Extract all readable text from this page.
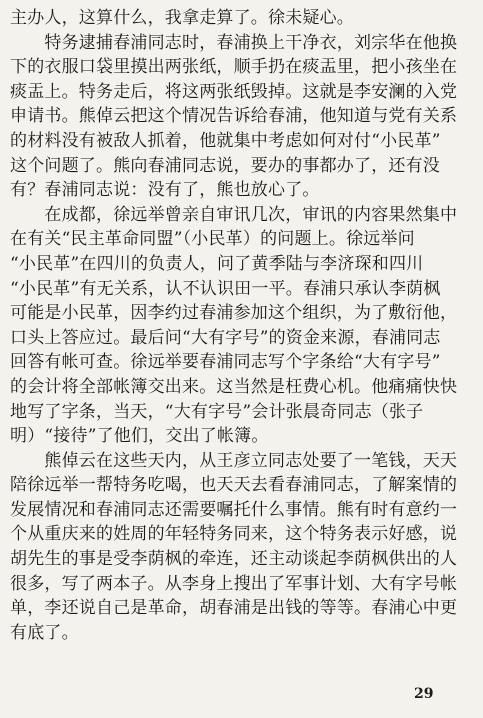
主办人，这算什么，我拿走算了。徐未疑心。
　　特务逮捕春浦同志时，春浦换上干净衣，刘宗华在他换
下的衣服口袋里摸出两张纸，顺手扔在痰盂里，把小孩坐在
痰盂上。特务走后，将这两张纸毁掉。这就是李安澜的入党
申请书。熊倬云把这个情况告诉给春浦，他知道与党有关系
的材料没有被敌人抓着，他就集中考虑如何对付“小民革”
这个问题了。熊向春浦同志说，要办的事都办了，还有没
有？春浦同志说：没有了，熊也放心了。
　　在成都，徐远举曾亲自审讯几次，审讯的内容果然集中
在有关“民主革命同盟”（小民革）的问题上。徐远举问
“小民革”在四川的负责人，问了黄季陆与李济琛和四川
“小民革”有无关系，认不认识田一平。春浦只承认李荫枫
可能是小民革，因李约过春浦参加这个组织，为了敷衍他，
口头上答应过。最后问“大有字号”的资金来源，春浦同志
回答有帐可查。徐远举要春浦同志写个字条给“大有字号”
的会计将全部帐簿交出来。这当然是枉费心机。他痛痛快快
地写了字条，当天，“大有字号”会计张晨奇同志（张子
明）“接待”了他们，交出了帐簿。
　　熊倬云在这些天内，从王彦立同志处要了一笔钱，天天
陪徐远举一帮特务吃喝，也天天去看春浦同志，了解案情的
发展情况和春浦同志还需要嘱托什么事情。熊有时有意约一
个从重庆来的姓周的年轻特务同来，这个特务表示好感，说
胡先生的事是受李荫枫的牵连，还主动谈起李荫枫供出的人
很多，写了两本子。从李身上搜出了军事计划、大有字号帐
单，李还说自己是革命，胡春浦是出钱的等等。春浦心中更
有底了。
29
